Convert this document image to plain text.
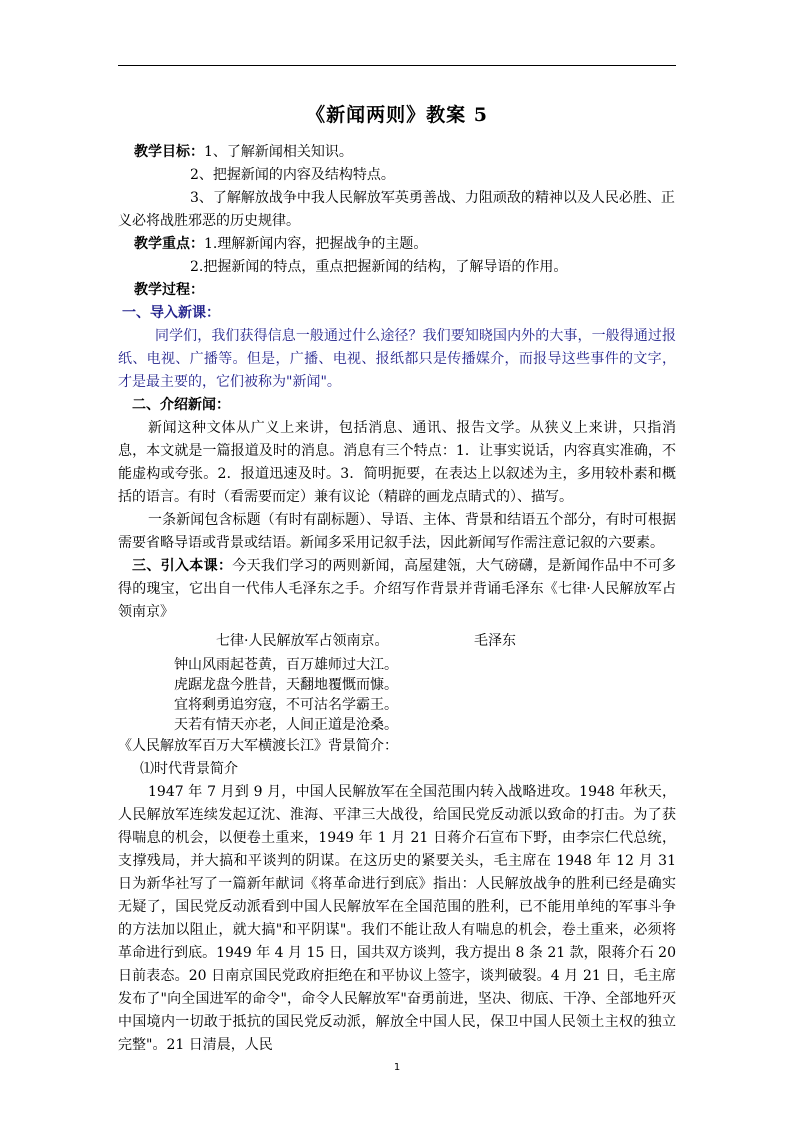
《新闻两则》教案 5

教学目标：1、了解新闻相关知识。

2、把握新闻的内容及结构特点。

3、了解解放战争中我人民解放军英勇善战、力阻顽敌的精神以及人民必胜、正

义必将战胜邪恶的历史规律。

教学重点：1.理解新闻内容，把握战争的主题。

2.把握新闻的特点，重点把握新闻的结构，了解导语的作用。

教学过程：

一、导入新课：

同学们，我们获得信息一般通过什么途径？我们要知晓国内外的大事，一般得通过报纸、电视、广播等。但是，广播、电视、报纸都只是传播媒介，而报导这些事件的文字，才是最主要的，它们被称为"新闻"。

二、介绍新闻：

新闻这种文体从广义上来讲，包括消息、通讯、报告文学。从狭义上来讲，只指消息，本文就是一篇报道及时的消息。消息有三个特点：1．让事实说话，内容真实准确，不能虚构或夸张。2．报道迅速及时。3．简明扼要，在表达上以叙述为主，多用较朴素和概括的语言。有时（看需要而定）兼有议论（精辟的画龙点睛式的）、描写。

一条新闻包含标题（有时有副标题）、导语、主体、背景和结语五个部分，有时可根据需要省略导语或背景或结语。新闻多采用记叙手法，因此新闻写作需注意记叙的六要素。

三、引入本课：今天我们学习的两则新闻，高屋建瓴，大气磅礴，是新闻作品中不可多得的瑰宝，它出自一代伟人毛泽东之手。介绍写作背景并背诵毛泽东《七律·人民解放军占领南京》

七律·人民解放军占领南京。	毛泽东

钟山风雨起苍黄，百万雄师过大江。

虎踞龙盘今胜昔，天翻地覆慨而慷。

宜将剩勇追穷寇，不可沽名学霸王。

天若有情天亦老，人间正道是沧桑。

《人民解放军百万大军横渡长江》背景简介：

⑴时代背景简介

1947 年 7 月到 9 月，中国人民解放军在全国范围内转入战略进攻。1948 年秋天，人民解放军连续发起辽沈、淮海、平津三大战役，给国民党反动派以致命的打击。为了获得喘息的机会，以便卷土重来，1949 年 1 月 21 日蒋介石宣布下野，由李宗仁代总统，支撑残局，并大搞和平谈判的阴谋。在这历史的紧要关头，毛主席在 1948 年 12 月 31 日为新华社写了一篇新年献词《将革命进行到底》指出：人民解放战争的胜利已经是确实无疑了，国民党反动派看到中国人民解放军在全国范围的胜利，已不能用单纯的军事斗争的方法加以阻止，就大搞"和平阴谋"。我们不能让敌人有喘息的机会，卷土重来，必须将革命进行到底。1949 年 4 月 15 日，国共双方谈判，我方提出 8 条 21 款，限蒋介石 20 日前表态。20 日南京国民党政府拒绝在和平协议上签字，谈判破裂。4 月 21 日，毛主席发布了"向全国进军的命令"，命令人民解放军"奋勇前进，坚决、彻底、干净、全部地歼灭中国境内一切敢于抵抗的国民党反动派，解放全中国人民，保卫中国人民领土主权的独立完整"。21 日清晨，人民

1
